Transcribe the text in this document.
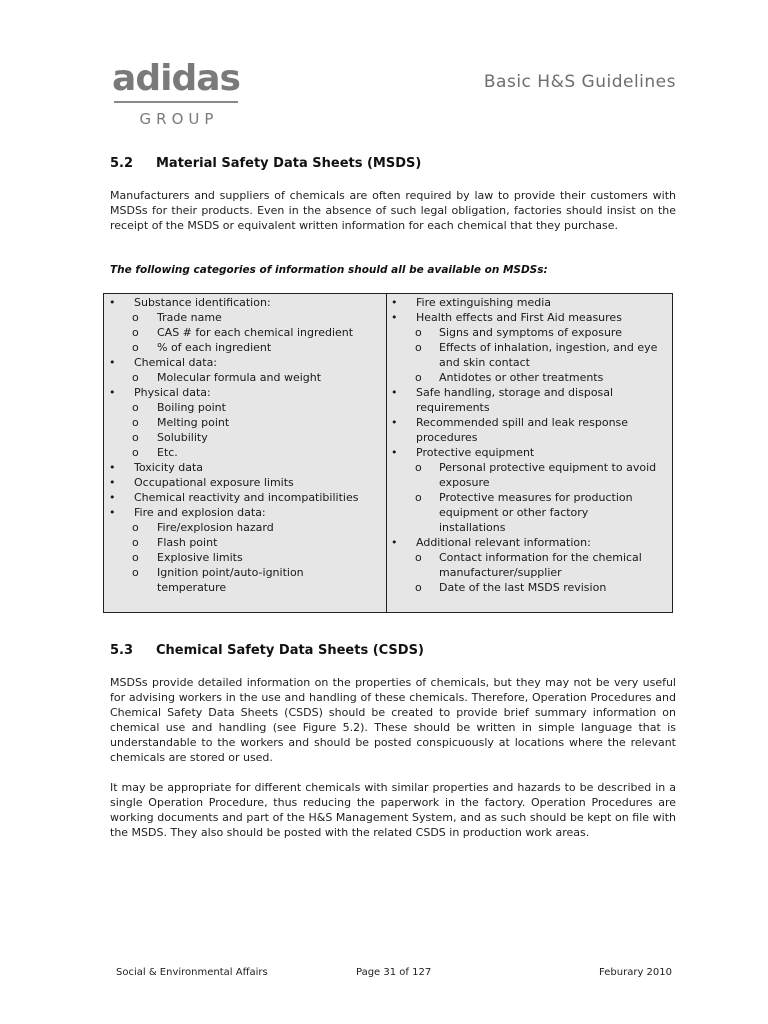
adidas
GROUP
Basic H&S Guidelines
5.2 Material Safety Data Sheets (MSDS)
Manufacturers and suppliers of chemicals are often required by law to provide their customers with MSDSs for their products. Even in the absence of such legal obligation, factories should insist on the receipt of the MSDS or equivalent written information for each chemical that they purchase.
The following categories of information should all be available on MSDSs:
• Substance identification:
o Trade name
o CAS # for each chemical ingredient
o % of each ingredient
• Chemical data:
o Molecular formula and weight
• Physical data:
o Boiling point
o Melting point
o Solubility
o Etc.
• Toxicity data
• Occupational exposure limits
• Chemical reactivity and incompatibilities
• Fire and explosion data:
o Fire/explosion hazard
o Flash point
o Explosive limits
o Ignition point/auto-ignition
temperature
• Fire extinguishing media
• Health effects and First Aid measures
o Signs and symptoms of exposure
o Effects of inhalation, ingestion, and eye
and skin contact
o Antidotes or other treatments
• Safe handling, storage and disposal
requirements
• Recommended spill and leak response
procedures
• Protective equipment
o Personal protective equipment to avoid
exposure
o Protective measures for production
equipment or other factory
installations
• Additional relevant information:
o Contact information for the chemical
manufacturer/supplier
o Date of the last MSDS revision
5.3 Chemical Safety Data Sheets (CSDS)
MSDSs provide detailed information on the properties of chemicals, but they may not be very useful for advising workers in the use and handling of these chemicals. Therefore, Operation Procedures and Chemical Safety Data Sheets (CSDS) should be created to provide brief summary information on chemical use and handling (see Figure 5.2). These should be written in simple language that is understandable to the workers and should be posted conspicuously at locations where the relevant chemicals are stored or used.
It may be appropriate for different chemicals with similar properties and hazards to be described in a single Operation Procedure, thus reducing the paperwork in the factory. Operation Procedures are working documents and part of the H&S Management System, and as such should be kept on file with the MSDS. They also should be posted with the related CSDS in production work areas.
Social & Environmental Affairs	Page 31 of 127	Feburary 2010
